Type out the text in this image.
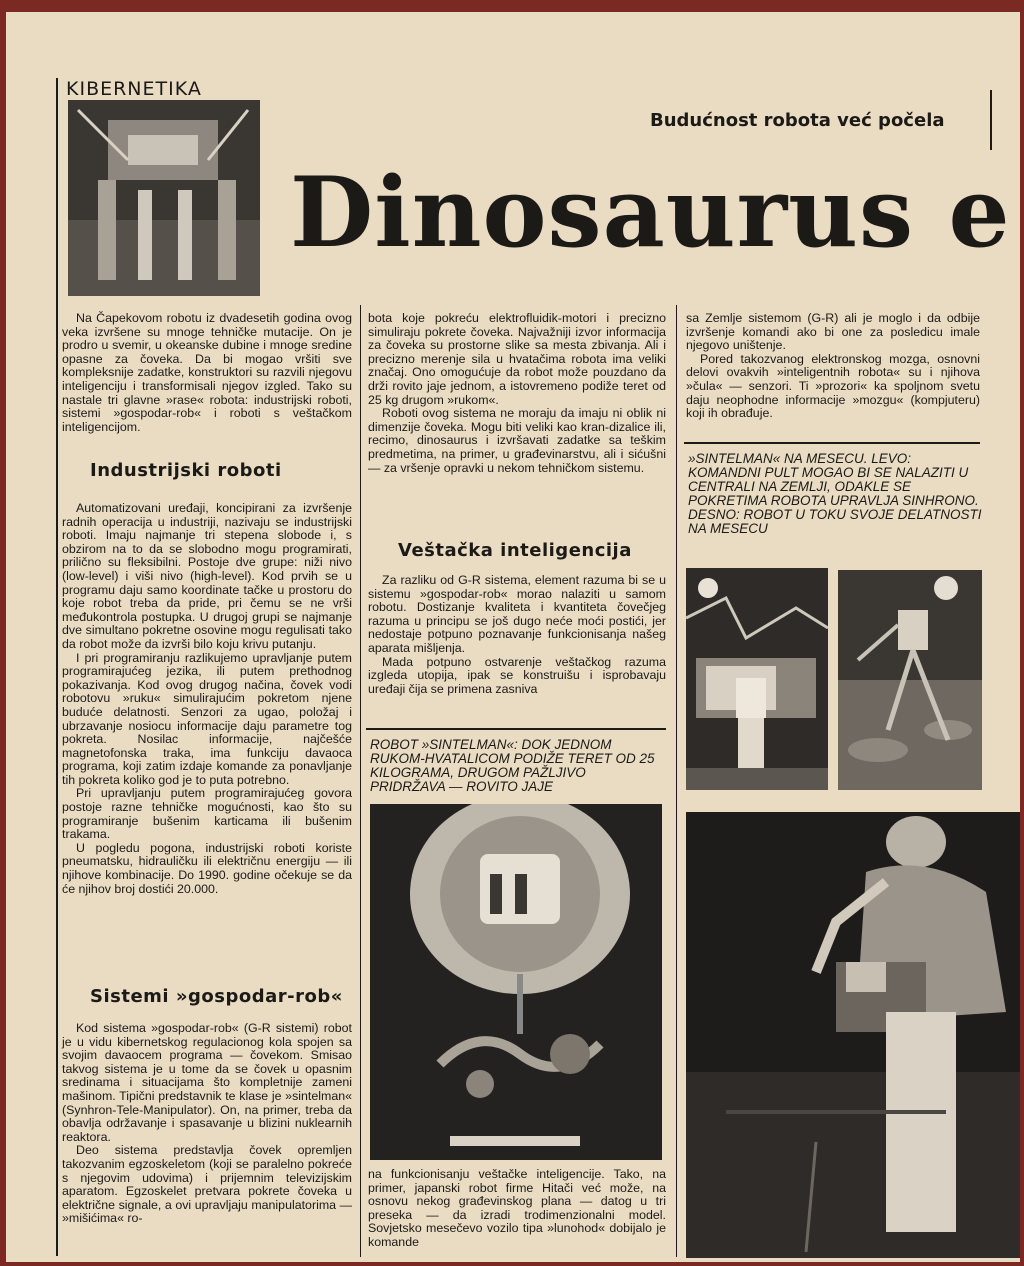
KIBERNETIKA
Budućnost robota već počela
Dinosaurus e

Na Čapekovom robotu iz dvadesetih godina ovog veka izvršene su mnoge tehničke mutacije. On je prodro u svemir, u okeanske dubine i mnoge sredine opasne za čoveka. Da bi mogao vršiti sve kompleksnije zadatke, konstruktori su razvili njegovu inteligenciju i transformisali njegov izgled. Tako su nastale tri glavne »rase« robota: industrijski roboti, sistemi »gospodar-rob« i roboti s veštačkom inteligencijom.

Industrijski roboti

Automatizovani uređaji, koncipirani za izvršenje radnih operacija u industriji, nazivaju se industrijski roboti. Imaju najmanje tri stepena slobode i, s obzirom na to da se slobodno mogu programirati, prilično su fleksibilni. Postoje dve grupe: niži nivo (low-level) i viši nivo (high-level). Kod prvih se u programu daju samo koordinate tačke u prostoru do koje robot treba da pride, pri čemu se ne vrši međukontrola postupka. U drugoj grupi se najmanje dve simultano pokretne osovine mogu regulisati tako da robot može da izvrši bilo koju krivu putanju.

I pri programiranju razlikujemo upravljanje putem programirajućeg jezika, ili putem prethodnog pokazivanja. Kod ovog drugog načina, čovek vodi robotovu »ruku« simulirajućim pokretom njene buduće delatnosti. Senzori za ugao, položaj i ubrzavanje nosiocu informacije daju parametre tog pokreta. Nosilac informacije, najčešće magnetofonska traka, ima funkciju davaoca programa, koji zatim izdaje komande za ponavljanje tih pokreta koliko god je to puta potrebno.

Pri upravljanju putem programirajućeg govora postoje razne tehničke mogućnosti, kao što su programiranje bušenim karticama ili bušenim trakama.

U pogledu pogona, industrijski roboti koriste pneumatsku, hidrauličku ili električnu energiju — ili njihove kombinacije. Do 1990. godine očekuje se da će njihov broj dostići 20.000.

Sistemi »gospodar-rob«

Kod sistema »gospodar-rob« (G-R sistemi) robot je u vidu kibernetskog regulacionog kola spojen sa svojim davaocem programa — čovekom. Smisao takvog sistema je u tome da se čovek u opasnim sredinama i situacijama što kompletnije zameni mašinom. Tipični predstavnik te klase je »sintelman« (Synhron-Tele-Manipulator). On, na primer, treba da obavlja održavanje i spasavanje u blizini nuklearnih reaktora.

Deo sistema predstavlja čovek opremljen takozvanim egzoskeletom (koji se paralelno pokreće s njegovim udovima) i prijemnim televizijskim aparatom. Egzoskelet pretvara pokrete čoveka u električne signale, a ovi upravljaju manipulatorima — »mišićima« ro-

bota koje pokreću elektrofluidik-motori i precizno simuliraju pokrete čoveka. Najvažniji izvor informacija za čoveka su prostorne slike sa mesta zbivanja. Ali i precizno merenje sila u hvatačima robota ima veliki značaj. Ono omogućuje da robot može pouzdano da drži rovito jaje jednom, a istovremeno podiže teret od 25 kg drugom »rukom«.

Roboti ovog sistema ne moraju da imaju ni oblik ni dimenzije čoveka. Mogu biti veliki kao kran-dizalice ili, recimo, dinosaurus i izvršavati zadatke sa teškim predmetima, na primer, u građevinarstvu, ali i sićušni — za vršenje opravki u nekom tehničkom sistemu.

Veštačka inteligencija

Za razliku od G-R sistema, element razuma bi se u sistemu »gospodar-rob« morao nalaziti u samom robotu. Dostizanje kvaliteta i kvantiteta čovečjeg razuma u principu se još dugo neće moći postići, jer nedostaje potpuno poznavanje funkcionisanja našeg aparata mišljenja.

Mada potpuno ostvarenje veštačkog razuma izgleda utopija, ipak se konstruišu i isprobavaju uređaji čija se primena zasniva

ROBOT »SINTELMAN«: DOK JEDNOM RUKOM-HVATALICOM PODIŽE TERET OD 25 KILOGRAMA, DRUGOM PAŽLJIVO PRIDRŽAVA — ROVITO JAJE

na funkcionisanju veštačke inteligencije. Tako, na primer, japanski robot firme Hitači već može, na osnovu nekog građevinskog plana — datog u tri preseka — da izradi trodimenzionalni model. Sovjetsko mesečevo vozilo tipa »lunohod« dobijalo je komande

sa Zemlje sistemom (G-R) ali je moglo i da odbije izvršenje komandi ako bi one za posledicu imale njegovo uništenje.

Pored takozvanog elektronskog mozga, osnovni delovi ovakvih »inteligentnih robota« su i njihova »čula« — senzori. Ti »prozori« ka spoljnom svetu daju neophodne informacije »mozgu« (kompjuteru) koji ih obrađuje.

»SINTELMAN« NA MESECU. LEVO: KOMANDNI PULT MOGAO BI SE NALAZITI U CENTRALI NA ZEMLJI, ODAKLE SE POKRETIMA ROBOTA UPRAVLJA SINHRONO. DESNO: ROBOT U TOKU SVOJE DELATNOSTI NA MESECU
